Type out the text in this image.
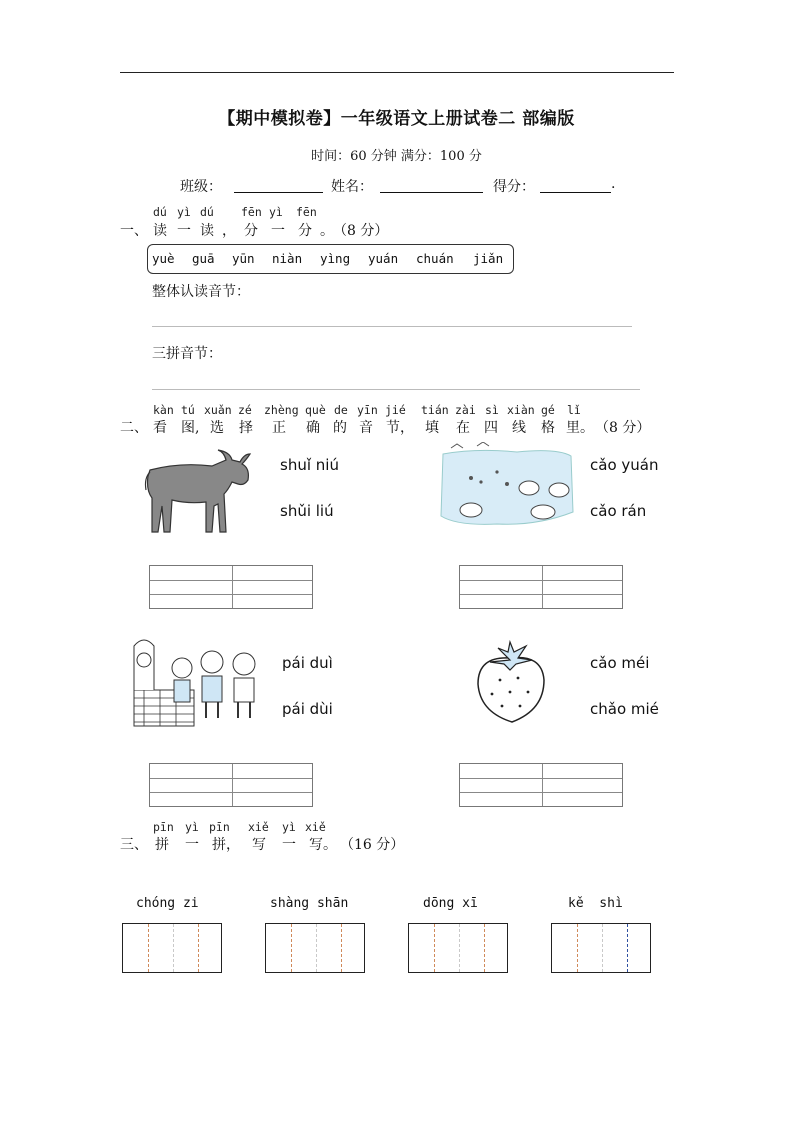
【期中模拟卷】一年级语文上册试卷二 部编版
时间：60 分钟 满分：100 分
班级：	姓名：	得分：	.
一、
dú yì dú fēn yì fēn
读 一 读 ， 分 一 分 。 （8 分）
yuè guā yūn niàn yìng yuán chuán jiǎn
整体认读音节：
三拼音节：
二、
kàn tú xuǎn zé zhèng què de yīn jié tián zài sì xiàn gé lǐ
看 图, 选 择 正 确 的 音 节， 填 在 四 线 格 里。 （8 分）
shuǐ niú
shǔi liú
cǎo yuán
cǎo rán
pái duì
pái dùi
cǎo méi
chǎo mié
三、
pīn yì pīn xiě yì xiě
拼 一 拼， 写 一 写。 （16 分）
chóng zi	shàng shān	dōng xī	kě  shì
